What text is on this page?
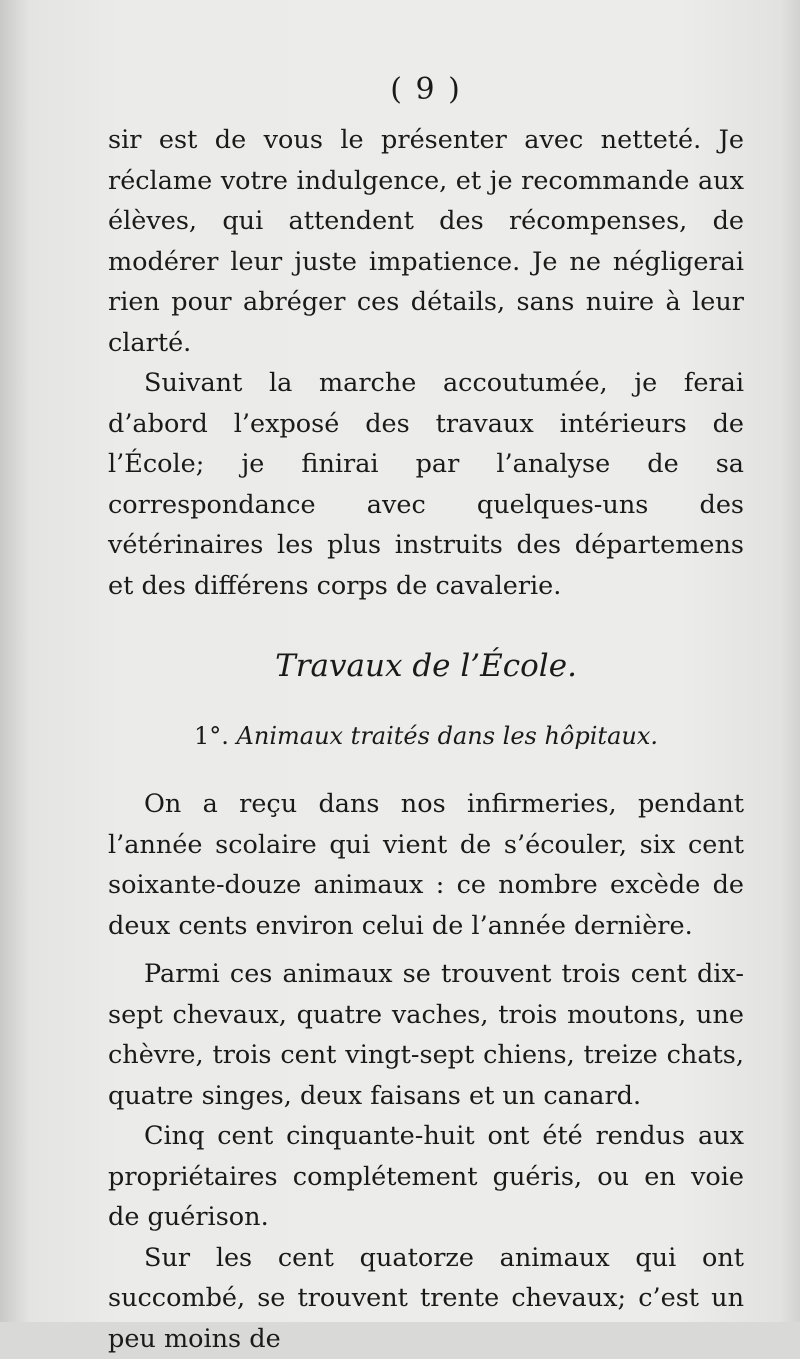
( 9 )

sir est de vous le présenter avec netteté. Je réclame votre indulgence, et je recommande aux élèves, qui attendent des récompenses, de modérer leur juste impatience. Je ne négligerai rien pour abréger ces détails, sans nuire à leur clarté.

Suivant la marche accoutumée, je ferai d’abord l’exposé des travaux intérieurs de l’École; je finirai par l’analyse de sa correspondance avec quelques-uns des vétérinaires les plus instruits des départemens et des différens corps de cavalerie.

Travaux de l’École.
1°. Animaux traités dans les hôpitaux.

On a reçu dans nos infirmeries, pendant l’année scolaire qui vient de s’écouler, six cent soixante-douze animaux : ce nombre excède de deux cents environ celui de l’année dernière.

Parmi ces animaux se trouvent trois cent dix-sept chevaux, quatre vaches, trois moutons, une chèvre, trois cent vingt-sept chiens, treize chats, quatre singes, deux faisans et un canard.

Cinq cent cinquante-huit ont été rendus aux propriétaires complétement guéris, ou en voie de guérison.

Sur les cent quatorze animaux qui ont succombé, se trouvent trente chevaux; c’est un peu moins de
